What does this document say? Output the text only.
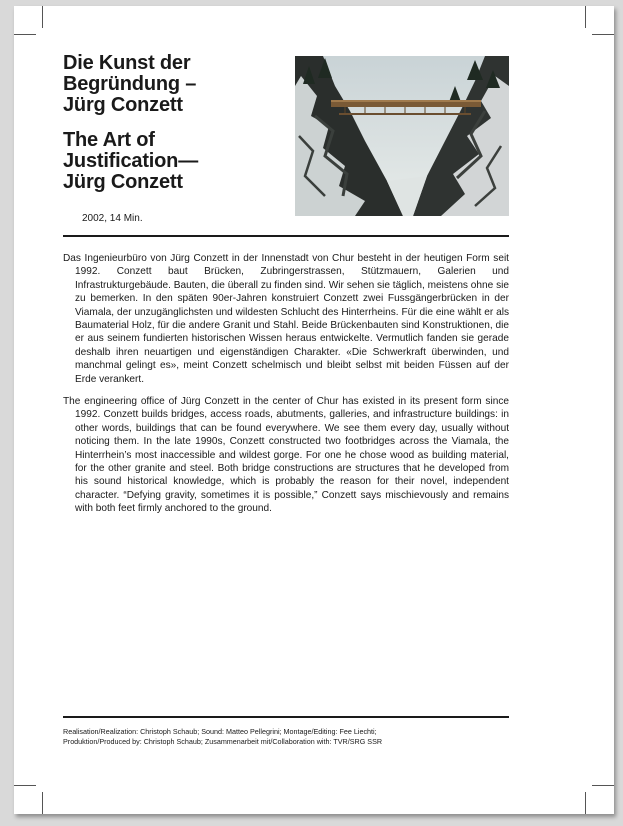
Die Kunst der
Begründung –
Jürg Conzett
The Art of
Justification—
Jürg Conzett
2002, 14 Min.

Das Ingenieurbüro von Jürg Conzett in der Innenstadt von Chur besteht in der heutigen Form seit 1992. Conzett baut Brücken, Zubringerstrassen, Stützmauern, Galerien und Infrastrukturgebäude. Bauten, die überall zu finden sind. Wir sehen sie täglich, meistens ohne sie zu bemerken. In den späten 90er-Jahren konstruiert Conzett zwei Fussgängerbrücken in der Viamala, der unzugänglichsten und wildesten Schlucht des Hinterrheins. Für die eine wählt er als Baumaterial Holz, für die andere Granit und Stahl. Beide Brückenbauten sind Konstruktionen, die er aus seinem fundierten historischen Wissen heraus entwickelte. Vermutlich fanden sie gerade deshalb ihren neuartigen und eigenständigen Charakter. «Die Schwerkraft überwinden, und manchmal gelingt es», meint Conzett schelmisch und bleibt selbst mit beiden Füssen auf der Erde verankert.

The engineering office of Jürg Conzett in the center of Chur has existed in its present form since 1992. Conzett builds bridges, access roads, abutments, galleries, and infrastructure buildings: in other words, buildings that can be found everywhere. We see them every day, usually without noticing them. In the late 1990s, Conzett constructed two footbridges across the Viamala, the Hinterrhein’s most inaccessible and wildest gorge. For one he chose wood as building material, for the other granite and steel. Both bridge constructions are structures that he developed from his sound historical knowledge, which is probably the reason for their novel, independent character. “Defying gravity, sometimes it is possible,” Conzett says mischievously and remains with both feet firmly anchored to the ground.

Realisation/Realization: Christoph Schaub; Sound: Matteo Pellegrini; Montage/Editing: Fee Liechti;
Produktion/Produced by: Christoph Schaub; Zusammenarbeit mit/Collaboration with: TVR/SRG SSR
